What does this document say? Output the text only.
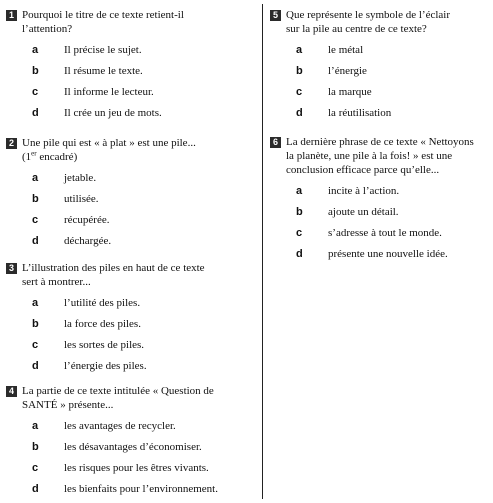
1 Pourquoi le titre de ce texte retient-il
l’attention?
a	Il précise le sujet.
b	Il résume le texte.
c	Il informe le lecteur.
d	Il crée un jeu de mots.
2 Une pile qui est « à plat » est une pile...
(1er encadré)
a	jetable.
b	utilisée.
c	récupérée.
d	déchargée.
3 L’illustration des piles en haut de ce texte
sert à montrer...
a	l’utilité des piles.
b	la force des piles.
c	les sortes de piles.
d	l’énergie des piles.
4 La partie de ce texte intitulée « Question de
SANTÉ » présente...
a	les avantages de recycler.
b	les désavantages d’économiser.
c	les risques pour les êtres vivants.
d	les bienfaits pour l’environnement.
5 Que représente le symbole de l’éclair
sur la pile au centre de ce texte?
a	le métal
b	l’énergie
c	la marque
d	la réutilisation
6 La dernière phrase de ce texte « Nettoyons
la planète, une pile à la fois! » est une
conclusion efficace parce qu’elle...
a	incite à l’action.
b	ajoute un détail.
c	s’adresse à tout le monde.
d	présente une nouvelle idée.
